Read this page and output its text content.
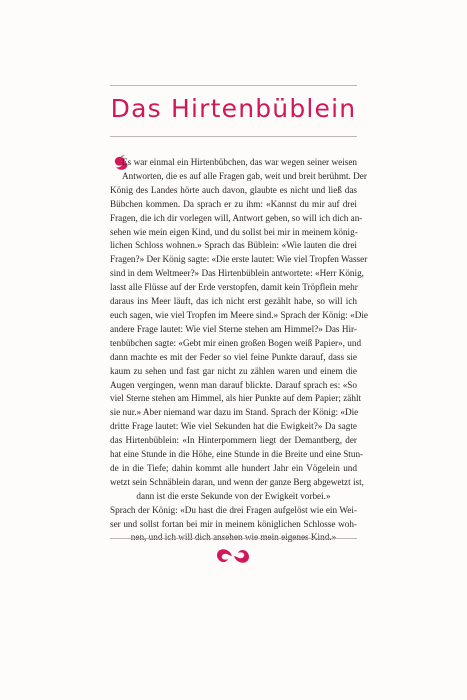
Das Hirtenbüblein
Es war einmal ein Hirtenbübchen, das war wegen seiner weisen
Antworten, die es auf alle Fragen gab, weit und breit berühmt. Der
König des Landes hörte auch davon, glaubte es nicht und ließ das
Bübchen kommen. Da sprach er zu ihm: «Kannst du mir auf drei
Fragen, die ich dir vorlegen will, Antwort geben, so will ich dich an-
sehen wie mein eigen Kind, und du sollst bei mir in meinem könig-
lichen Schloss wohnen.» Sprach das Büblein: «Wie lauten die drei
Fragen?» Der König sagte: «Die erste lautet: Wie viel Tropfen Wasser
sind in dem Weltmeer?» Das Hirtenbüblein antwortete: «Herr König,
lasst alle Flüsse auf der Erde verstopfen, damit kein Tröpflein mehr
daraus ins Meer läuft, das ich nicht erst gezählt habe, so will ich
euch sagen, wie viel Tropfen im Meere sind.» Sprach der König: «Die
andere Frage lautet: Wie viel Sterne stehen am Himmel?» Das Hir-
tenbübchen sagte: «Gebt mir einen großen Bogen weiß Papier», und
dann machte es mit der Feder so viel feine Punkte darauf, dass sie
kaum zu sehen und fast gar nicht zu zählen waren und einem die
Augen vergingen, wenn man darauf blickte. Darauf sprach es: «So
viel Sterne stehen am Himmel, als hier Punkte auf dem Papier; zählt
sie nur.» Aber niemand war dazu im Stand. Sprach der König: «Die
dritte Frage lautet: Wie viel Sekunden hat die Ewigkeit?» Da sagte
das Hirtenbüblein: «In Hinterpommern liegt der Demantberg, der
hat eine Stunde in die Höhe, eine Stunde in die Breite und eine Stun-
de in die Tiefe; dahin kommt alle hundert Jahr ein Vögelein und
wetzt sein Schnäblein daran, und wenn der ganze Berg abgewetzt ist,
dann ist die erste Sekunde von der Ewigkeit vorbei.»
Sprach der König: «Du hast die drei Fragen aufgelöst wie ein Wei-
ser und sollst fortan bei mir in meinem königlichen Schlosse woh-
nen, und ich will dich ansehen wie mein eigenes Kind.»
